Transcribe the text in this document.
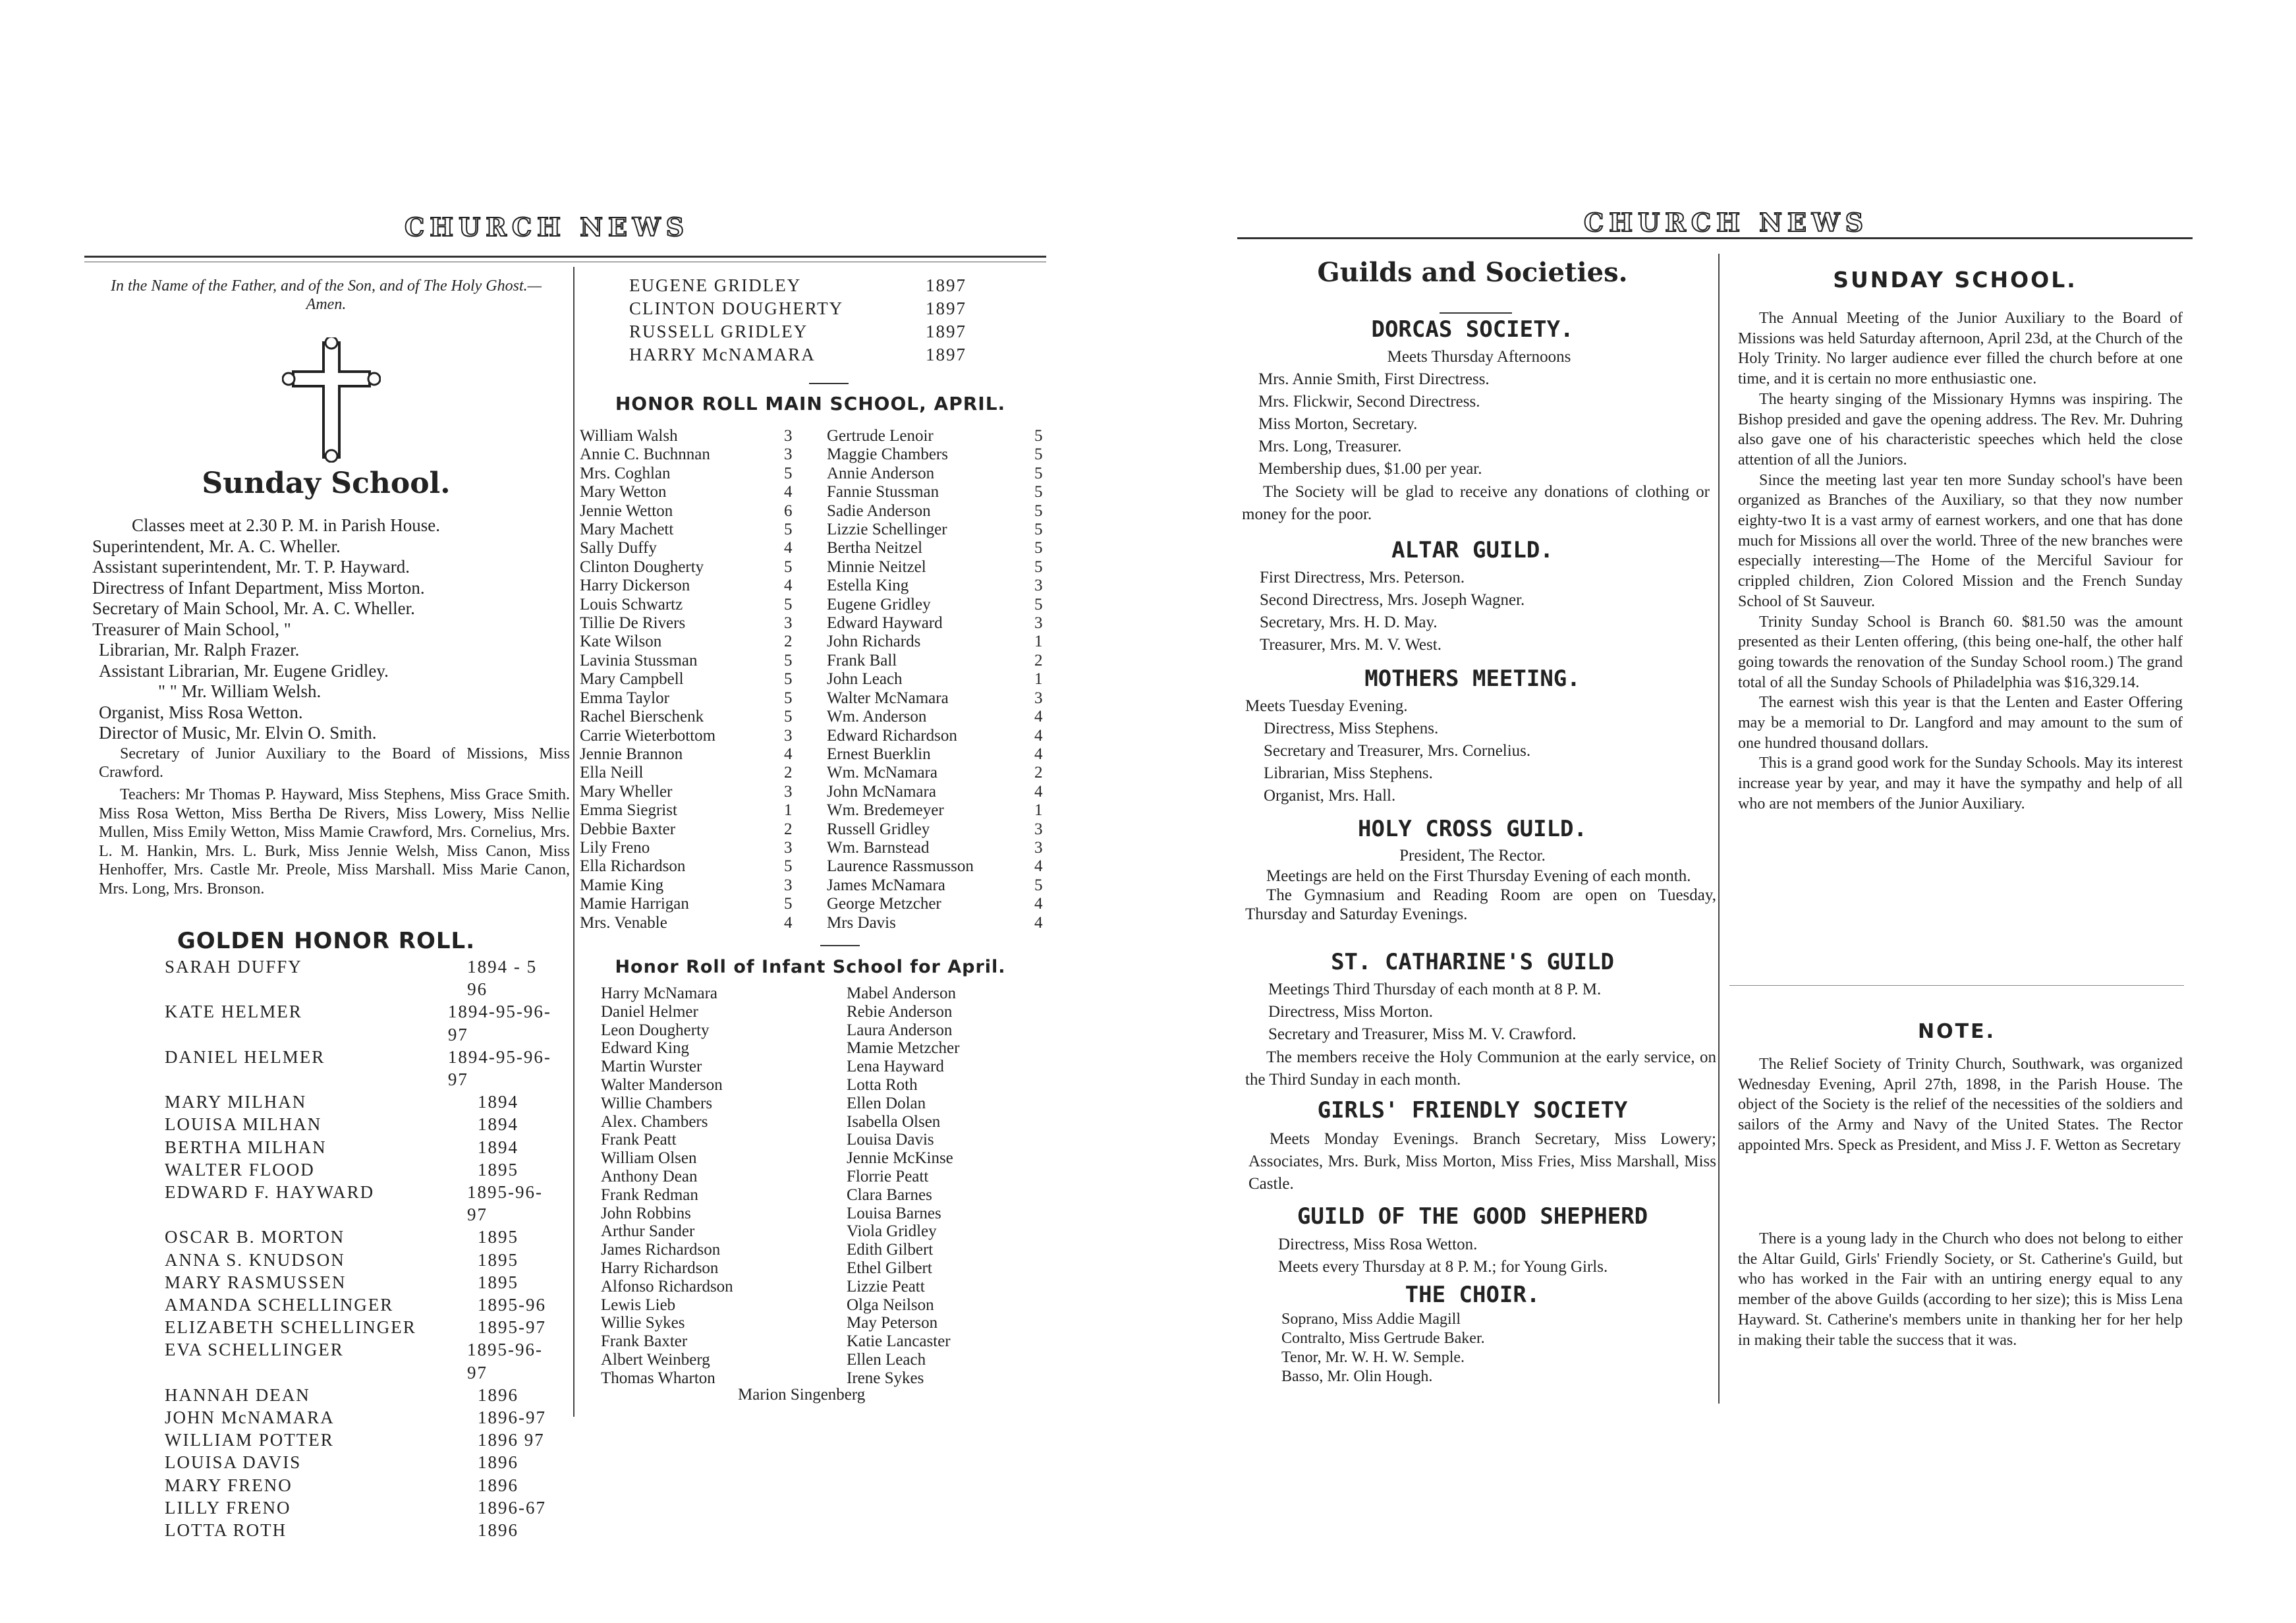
CHURCH NEWS
In the Name of the Father, and of the Son, and of The Holy Ghost.—Amen.
Sunday School.
Classes meet at 2.30 P. M. in Parish House.
Superintendent, Mr. A. C. Wheller.
Assistant superintendent, Mr. T. P. Hayward.
Directress of Infant Department, Miss Morton.
Secretary of Main School, Mr. A. C. Wheller.
Treasurer of Main School, "
Librarian, Mr. Ralph Frazer.
Assistant Librarian, Mr. Eugene Gridley.
" " Mr. William Welsh.
Organist, Miss Rosa Wetton.
Director of Music, Mr. Elvin O. Smith.

Secretary of Junior Auxiliary to the Board of Missions, Miss Crawford.

Teachers: Mr Thomas P. Hayward, Miss Stephens, Miss Grace Smith. Miss Rosa Wetton, Miss Bertha De Rivers, Miss Lowery, Miss Nellie Mullen, Miss Emily Wetton, Miss Mamie Crawford, Mrs. Cornelius, Mrs. L. M. Hankin, Mrs. L. Burk, Miss Jennie Welsh, Miss Canon, Miss Henhoffer, Mrs. Castle Mr. Preole, Miss Marshall. Miss Marie Canon, Mrs. Long, Mrs. Bronson.

GOLDEN HONOR ROLL.
SARAH DUFFY	1894 - 5 96
KATE HELMER	1894-95-96-97
DANIEL HELMER	1894-95-96-97
MARY MILHAN	1894
LOUISA MILHAN	1894
BERTHA MILHAN	1894
WALTER FLOOD	1895
EDWARD F. HAYWARD	1895-96-97
OSCAR B. MORTON	1895
ANNA S. KNUDSON	1895
MARY RASMUSSEN	1895
AMANDA SCHELLINGER	1895-96
ELIZABETH SCHELLINGER	1895-97
EVA SCHELLINGER	1895-96-97
HANNAH DEAN	1896
JOHN McNAMARA	1896-97
WILLIAM POTTER	1896 97
LOUISA DAVIS	1896
MARY FRENO	1896
LILLY FRENO	1896-67
LOTTA ROTH	1896
EUGENE GRIDLEY	1897
CLINTON DOUGHERTY	1897
RUSSELL GRIDLEY	1897
HARRY McNAMARA	1897
HONOR ROLL MAIN SCHOOL, APRIL.
William Walsh	3
Annie C. Buchnnan	3
Mrs. Coghlan	5
Mary Wetton	4
Jennie Wetton	6
Mary Machett	5
Sally Duffy	4
Clinton Dougherty	5
Harry Dickerson	4
Louis Schwartz	5
Tillie De Rivers	3
Kate Wilson	2
Lavinia Stussman	5
Mary Campbell	5
Emma Taylor	5
Rachel Bierschenk	5
Carrie Wieterbottom	3
Jennie Brannon	4
Ella Neill	2
Mary Wheller	3
Emma Siegrist	1
Debbie Baxter	2
Lily Freno	3
Ella Richardson	5
Mamie King	3
Mamie Harrigan	5
Mrs. Venable	4
Gertrude Lenoir	5
Maggie Chambers	5
Annie Anderson	5
Fannie Stussman	5
Sadie Anderson	5
Lizzie Schellinger	5
Bertha Neitzel	5
Minnie Neitzel	5
Estella King	3
Eugene Gridley	5
Edward Hayward	3
John Richards	1
Frank Ball	2
John Leach	1
Walter McNamara	3
Wm. Anderson	4
Edward Richardson	4
Ernest Buerklin	4
Wm. McNamara	2
John McNamara	4
Wm. Bredemeyer	1
Russell Gridley	3
Wm. Barnstead	3
Laurence Rassmusson	4
James McNamara	5
George Metzcher	4
Mrs Davis	4
Honor Roll of Infant School for April.
Harry McNamara
Daniel Helmer
Leon Dougherty
Edward King
Martin Wurster
Walter Manderson
Willie Chambers
Alex. Chambers
Frank Peatt
William Olsen
Anthony Dean
Frank Redman
John Robbins
Arthur Sander
James Richardson
Harry Richardson
Alfonso Richardson
Lewis Lieb
Willie Sykes
Frank Baxter
Albert Weinberg
Thomas Wharton
Mabel Anderson
Rebie Anderson
Laura Anderson
Mamie Metzcher
Lena Hayward
Lotta Roth
Ellen Dolan
Isabella Olsen
Louisa Davis
Jennie McKinse
Florrie Peatt
Clara Barnes
Louisa Barnes
Viola Gridley
Edith Gilbert
Ethel Gilbert
Lizzie Peatt
Olga Neilson
May Peterson
Katie Lancaster
Ellen Leach
Irene Sykes
Marion Singenberg
CHURCH NEWS
Guilds and Societies.
DORCAS SOCIETY.
Meets Thursday Afternoons
Mrs. Annie Smith, First Directress.
Mrs. Flickwir, Second Directress.
Miss Morton, Secretary.
Mrs. Long, Treasurer.
Membership dues, $1.00 per year.

The Society will be glad to receive any donations of clothing or money for the poor.

ALTAR GUILD.
First Directress, Mrs. Peterson.
Second Directress, Mrs. Joseph Wagner.
Secretary, Mrs. H. D. May.
Treasurer, Mrs. M. V. West.
MOTHERS MEETING.
Meets Tuesday Evening.
Directress, Miss Stephens.
Secretary and Treasurer, Mrs. Cornelius.
Librarian, Miss Stephens.
Organist, Mrs. Hall.
HOLY CROSS GUILD.
President, The Rector.

Meetings are held on the First Thursday Evening of each month.

The Gymnasium and Reading Room are open on Tuesday, Thursday and Saturday Evenings.

ST. CATHARINE'S GUILD
Meetings Third Thursday of each month at 8 P. M.
Directress, Miss Morton.
Secretary and Treasurer, Miss M. V. Crawford.

The members receive the Holy Communion at the early service, on the Third Sunday in each month.

GIRLS' FRIENDLY SOCIETY

Meets Monday Evenings. Branch Secretary, Miss Lowery; Associates, Mrs. Burk, Miss Morton, Miss Fries, Miss Marshall, Miss Castle.

GUILD OF THE GOOD SHEPHERD
Directress, Miss Rosa Wetton.
Meets every Thursday at 8 P. M.; for Young Girls.
THE CHOIR.
Soprano, Miss Addie Magill
Contralto, Miss Gertrude Baker.
Tenor, Mr. W. H. W. Semple.
Basso, Mr. Olin Hough.
SUNDAY SCHOOL.

The Annual Meeting of the Junior Auxiliary to the Board of Missions was held Saturday afternoon, April 23d, at the Church of the Holy Trinity. No larger audience ever filled the church before at one time, and it is certain no more enthusiastic one.

The hearty singing of the Missionary Hymns was inspiring. The Bishop presided and gave the opening address. The Rev. Mr. Duhring also gave one of his characteristic speeches which held the close attention of all the Juniors.

Since the meeting last year ten more Sunday school's have been organized as Branches of the Auxiliary, so that they now number eighty-two It is a vast army of earnest workers, and one that has done much for Missions all over the world. Three of the new branches were especially interesting—The Home of the Merciful Saviour for crippled children, Zion Colored Mission and the French Sunday School of St Sauveur.

Trinity Sunday School is Branch 60. $81.50 was the amount presented as their Lenten offering, (this being one-half, the other half going towards the renovation of the Sunday School room.) The grand total of all the Sunday Schools of Philadelphia was $16,329.14.

The earnest wish this year is that the Lenten and Easter Offering may be a memorial to Dr. Langford and may amount to the sum of one hundred thousand dollars.

This is a grand good work for the Sunday Schools. May its interest increase year by year, and may it have the sympathy and help of all who are not members of the Junior Auxiliary.

NOTE.

The Relief Society of Trinity Church, Southwark, was organized Wednesday Evening, April 27th, 1898, in the Parish House. The object of the Society is the relief of the necessities of the soldiers and sailors of the Army and Navy of the United States. The Rector appointed Mrs. Speck as President, and Miss J. F. Wetton as Secretary

There is a young lady in the Church who does not belong to either the Altar Guild, Girls' Friendly Society, or St. Catherine's Guild, but who has worked in the Fair with an untiring energy equal to any member of the above Guilds (according to her size); this is Miss Lena Hayward. St. Catherine's members unite in thanking her for her help in making their table the success that it was.
